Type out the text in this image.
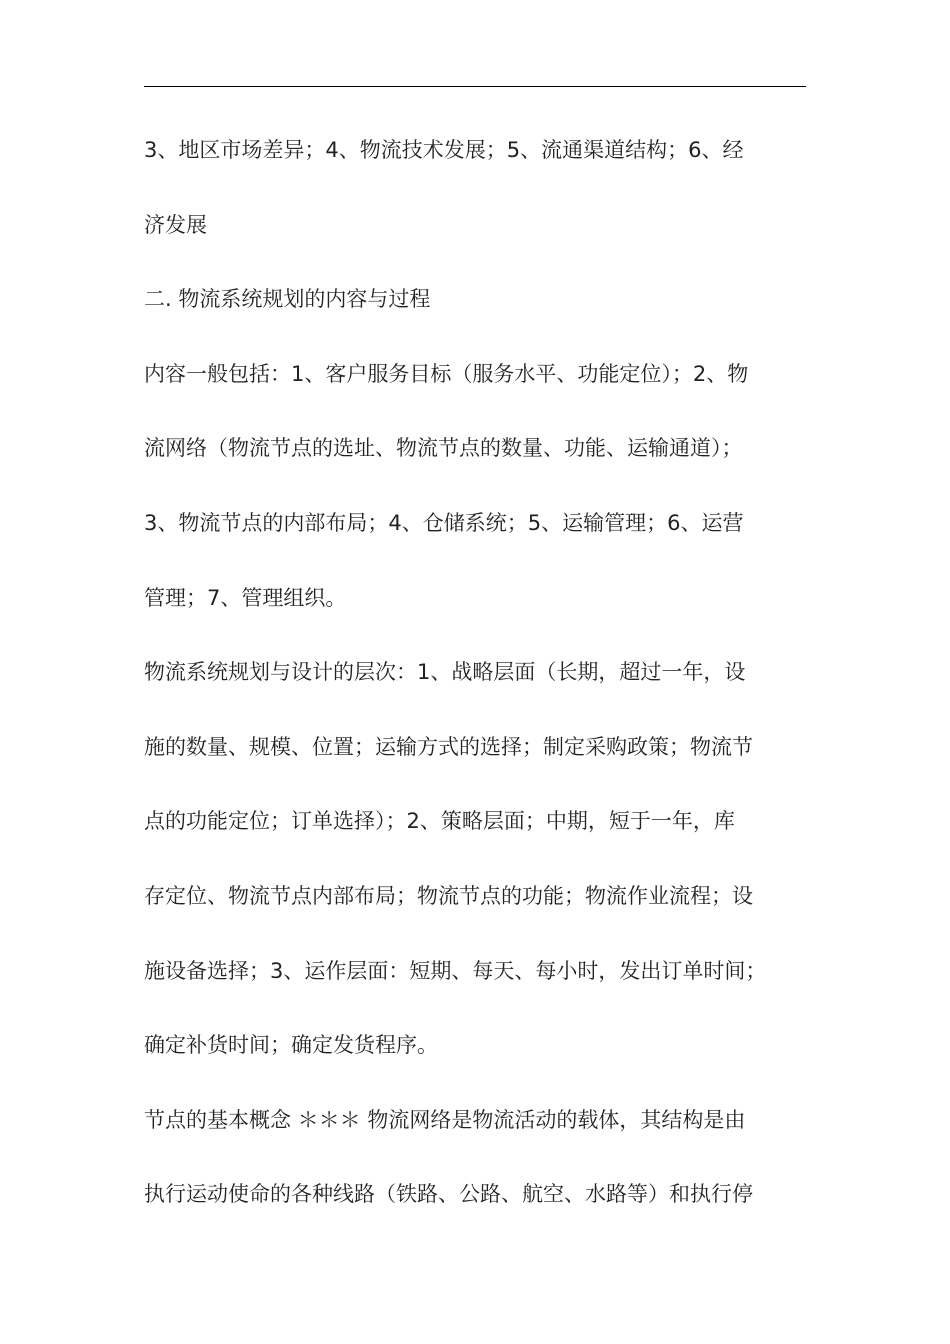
3、地区市场差异；4、物流技术发展；5、流通渠道结构；6、经
济发展
二. 物流系统规划的内容与过程
内容一般包括：1、客户服务目标（服务水平、功能定位）；2、物
流网络（物流节点的选址、物流节点的数量、功能、运输通道）；
3、物流节点的内部布局；4、仓储系统；5、运输管理；6、运营
管理；7、管理组织。
物流系统规划与设计的层次：1、战略层面（长期，超过一年，设
施的数量、规模、位置；运输方式的选择；制定采购政策；物流节
点的功能定位；订单选择）；2、策略层面；中期，短于一年，库
存定位、物流节点内部布局；物流节点的功能；物流作业流程；设
施设备选择；3、运作层面：短期、每天、每小时，发出订单时间；
确定补货时间；确定发货程序。
节点的基本概念 ＊＊＊ 物流网络是物流活动的载体，其结构是由
执行运动使命的各种线路（铁路、公路、航空、水路等）和执行停
